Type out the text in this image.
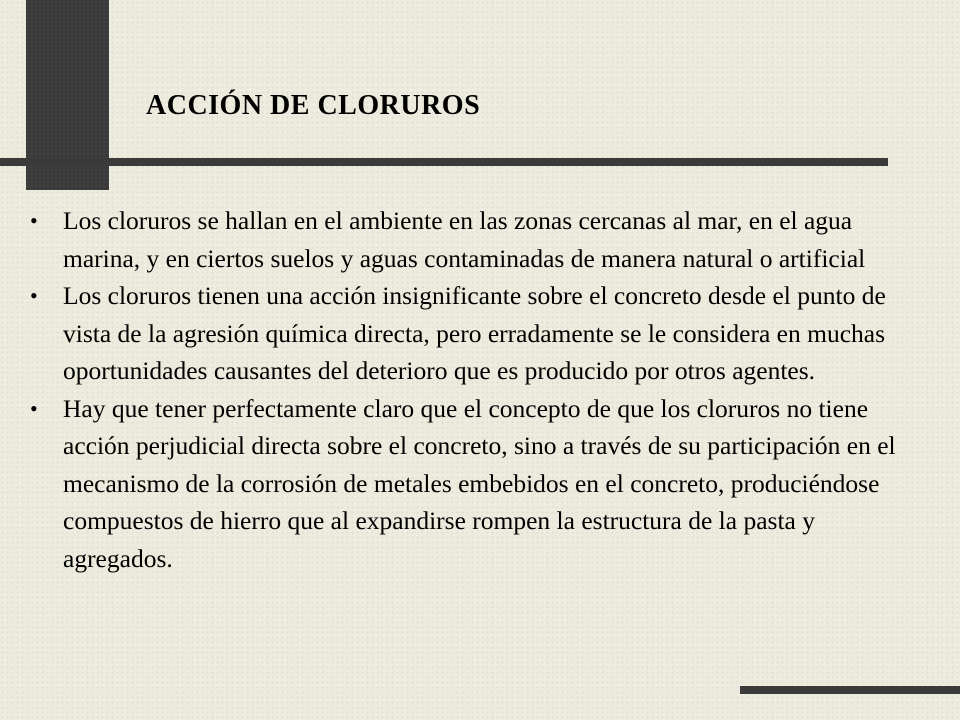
ACCIÓN DE CLORUROS
• Los cloruros se hallan en el ambiente en las zonas cercanas al mar, en el agua marina, y en ciertos suelos y aguas contaminadas de manera natural o artificial
• Los cloruros tienen una acción insignificante sobre el concreto desde el punto de vista de la agresión química directa, pero erradamente se le considera en muchas oportunidades causantes del deterioro que es producido por otros agentes.
• Hay que tener perfectamente claro que el concepto de que los cloruros no tiene acción perjudicial directa sobre el concreto, sino a través de su participación en el mecanismo de la corrosión de metales embebidos en el concreto, produciéndose compuestos de hierro que al expandirse rompen la estructura de la pasta y agregados.
